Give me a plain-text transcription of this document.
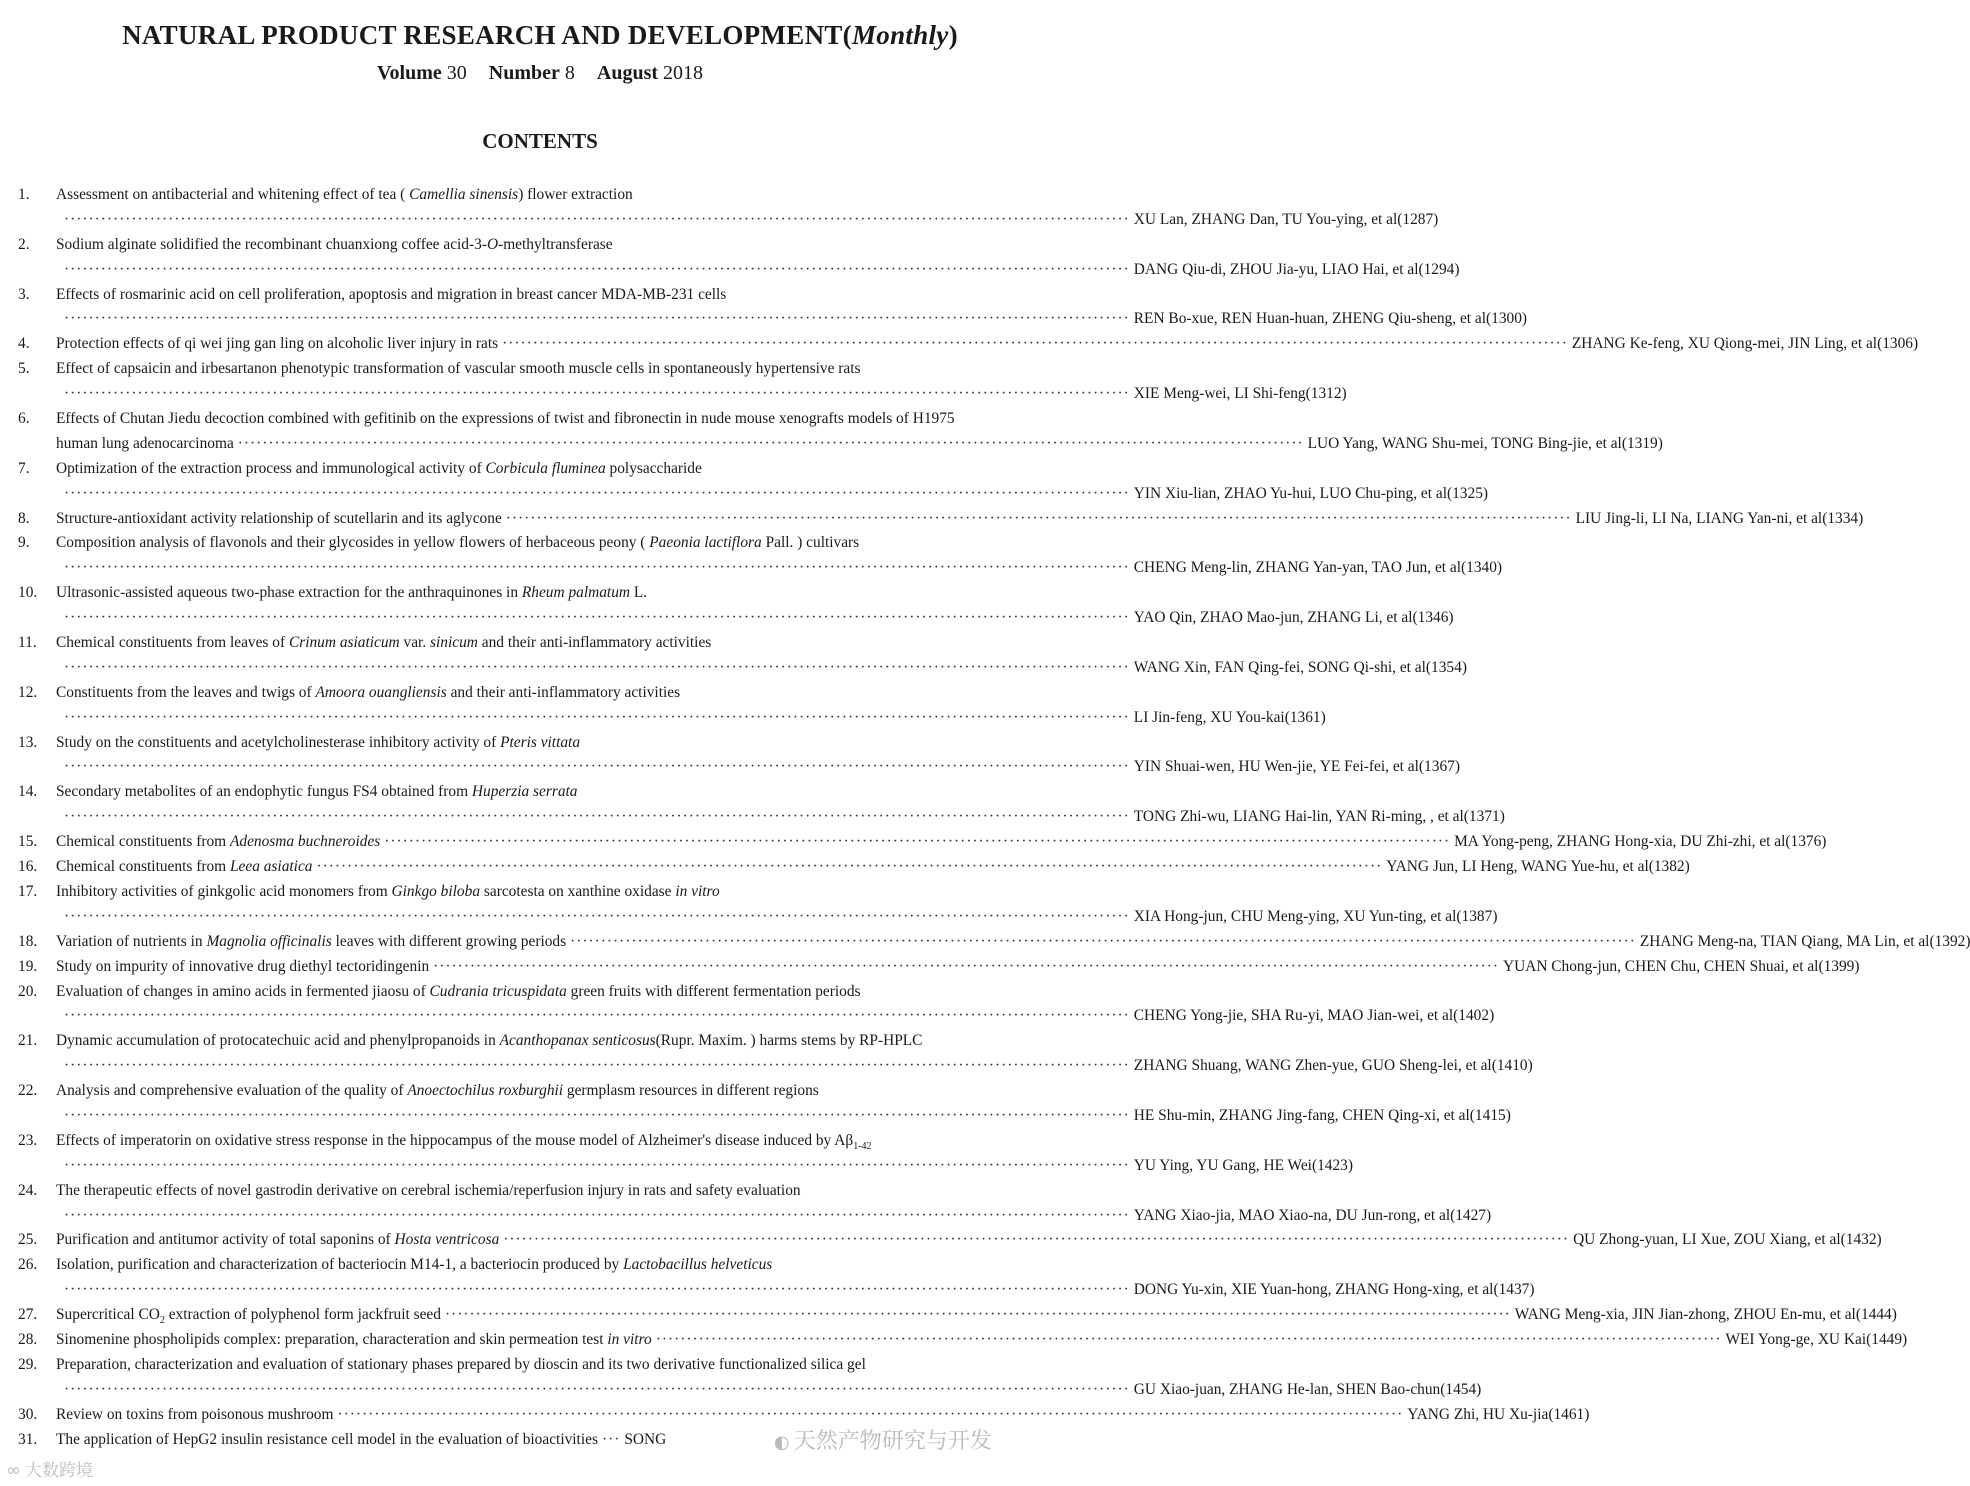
NATURAL PRODUCT RESEARCH AND DEVELOPMENT(Monthly)
Volume 30 Number 8 August 2018
CONTENTS
1.	Assessment on antibacterial and whitening effect of tea ( Camellia sinensis) flower extraction
·············································································································································································· XU Lan, ZHANG Dan, TU You-ying, et al(1287)
2.	Sodium alginate solidified the recombinant chuanxiong coffee acid-3-O-methyltransferase
·············································································································································································· DANG Qiu-di, ZHOU Jia-yu, LIAO Hai, et al(1294)
3.	Effects of rosmarinic acid on cell proliferation, apoptosis and migration in breast cancer MDA-MB-231 cells
·············································································································································································· REN Bo-xue, REN Huan-huan, ZHENG Qiu-sheng, et al(1300)
4.	Protection effects of qi wei jing gan ling on alcoholic liver injury in rats ·············································································································································································· ZHANG Ke-feng, XU Qiong-mei, JIN Ling, et al(1306)
5.	Effect of capsaicin and irbesartanon phenotypic transformation of vascular smooth muscle cells in spontaneously hypertensive rats
·············································································································································································· XIE Meng-wei, LI Shi-feng(1312)
6.	Effects of Chutan Jiedu decoction combined with gefitinib on the expressions of twist and fibronectin in nude mouse xenografts models of H1975
human lung adenocarcinoma ·············································································································································································· LUO Yang, WANG Shu-mei, TONG Bing-jie, et al(1319)
7.	Optimization of the extraction process and immunological activity of Corbicula fluminea polysaccharide
·············································································································································································· YIN Xiu-lian, ZHAO Yu-hui, LUO Chu-ping, et al(1325)
8.	Structure-antioxidant activity relationship of scutellarin and its aglycone ·············································································································································································· LIU Jing-li, LI Na, LIANG Yan-ni, et al(1334)
9.	Composition analysis of flavonols and their glycosides in yellow flowers of herbaceous peony ( Paeonia lactiflora Pall. ) cultivars
·············································································································································································· CHENG Meng-lin, ZHANG Yan-yan, TAO Jun, et al(1340)
10.	Ultrasonic-assisted aqueous two-phase extraction for the anthraquinones in Rheum palmatum L.
·············································································································································································· YAO Qin, ZHAO Mao-jun, ZHANG Li, et al(1346)
11.	Chemical constituents from leaves of Crinum asiaticum var. sinicum and their anti-inflammatory activities
·············································································································································································· WANG Xin, FAN Qing-fei, SONG Qi-shi, et al(1354)
12.	Constituents from the leaves and twigs of Amoora ouangliensis and their anti-inflammatory activities
·············································································································································································· LI Jin-feng, XU You-kai(1361)
13.	Study on the constituents and acetylcholinesterase inhibitory activity of Pteris vittata
·············································································································································································· YIN Shuai-wen, HU Wen-jie, YE Fei-fei, et al(1367)
14.	Secondary metabolites of an endophytic fungus FS4 obtained from Huperzia serrata
·············································································································································································· TONG Zhi-wu, LIANG Hai-lin, YAN Ri-ming, , et al(1371)
15.	Chemical constituents from Adenosma buchneroides ·············································································································································································· MA Yong-peng, ZHANG Hong-xia, DU Zhi-zhi, et al(1376)
16.	Chemical constituents from Leea asiatica ·············································································································································································· YANG Jun, LI Heng, WANG Yue-hu, et al(1382)
17.	Inhibitory activities of ginkgolic acid monomers from Ginkgo biloba sarcotesta on xanthine oxidase in vitro
·············································································································································································· XIA Hong-jun, CHU Meng-ying, XU Yun-ting, et al(1387)
18.	Variation of nutrients in Magnolia officinalis leaves with different growing periods ·············································································································································································· ZHANG Meng-na, TIAN Qiang, MA Lin, et al(1392)
19.	Study on impurity of innovative drug diethyl tectoridingenin ·············································································································································································· YUAN Chong-jun, CHEN Chu, CHEN Shuai, et al(1399)
20.	Evaluation of changes in amino acids in fermented jiaosu of Cudrania tricuspidata green fruits with different fermentation periods
·············································································································································································· CHENG Yong-jie, SHA Ru-yi, MAO Jian-wei, et al(1402)
21.	Dynamic accumulation of protocatechuic acid and phenylpropanoids in Acanthopanax senticosus(Rupr. Maxim. ) harms stems by RP-HPLC
·············································································································································································· ZHANG Shuang, WANG Zhen-yue, GUO Sheng-lei, et al(1410)
22.	Analysis and comprehensive evaluation of the quality of Anoectochilus roxburghii germplasm resources in different regions
·············································································································································································· HE Shu-min, ZHANG Jing-fang, CHEN Qing-xi, et al(1415)
23.	Effects of imperatorin on oxidative stress response in the hippocampus of the mouse model of Alzheimer's disease induced by $A\beta_{1-42}$
·············································································································································································· YU Ying, YU Gang, HE Wei(1423)
24.	The therapeutic effects of novel gastrodin derivative on cerebral ischemia/reperfusion injury in rats and safety evaluation
·············································································································································································· YANG Xiao-jia, MAO Xiao-na, DU Jun-rong, et al(1427)
25.	Purification and antitumor activity of total saponins of Hosta ventricosa ·············································································································································································· QU Zhong-yuan, LI Xue, ZOU Xiang, et al(1432)
26.	Isolation, purification and characterization of bacteriocin M14-1, a bacteriocin produced by Lactobacillus helveticus
·············································································································································································· DONG Yu-xin, XIE Yuan-hong, ZHANG Hong-xing, et al(1437)
27.	Supercritical $CO_2$ extraction of polyphenol form jackfruit seed ·············································································································································································· WANG Meng-xia, JIN Jian-zhong, ZHOU En-mu, et al(1444)
28.	Sinomenine phospholipids complex: preparation, characteration and skin permeation test in vitro ·············································································································································································· WEI Yong-ge, XU Kai(1449)
29.	Preparation, characterization and evaluation of stationary phases prepared by dioscin and its two derivative functionalized silica gel
·············································································································································································· GU Xiao-juan, ZHANG He-lan, SHEN Bao-chun(1454)
30.	Review on toxins from poisonous mushroom ·············································································································································································· YANG Zhi, HU Xu-jia(1461)
31.	The application of HepG2 insulin resistance cell model in the evaluation of bioactivities ··· SONG
∞ 大数跨境
◐ 天然产物研究与开发
